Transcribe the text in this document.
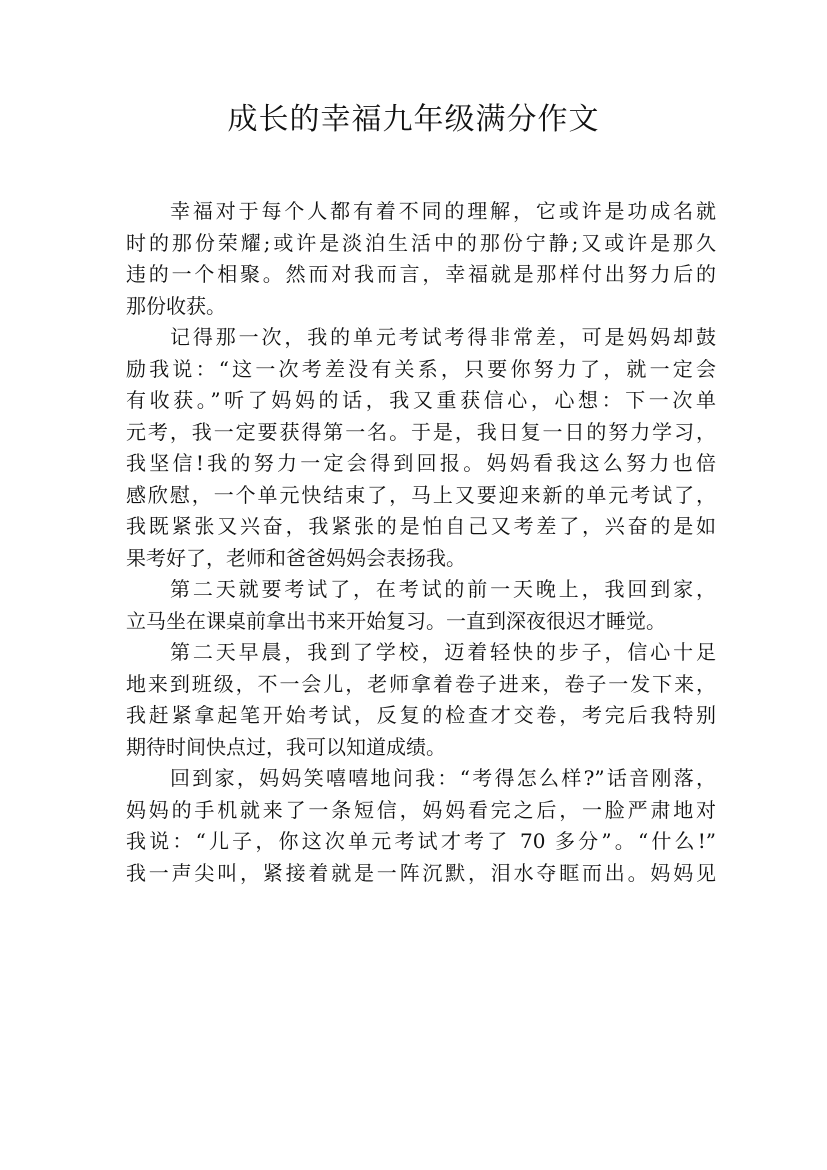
成长的幸福九年级满分作文

幸福对于每个人都有着不同的理解，它或许是功成名就
时的那份荣耀;或许是淡泊生活中的那份宁静;又或许是那久
违的一个相聚。然而对我而言，幸福就是那样付出努力后的
那份收获。

记得那一次，我的单元考试考得非常差，可是妈妈却鼓
励我说：“这一次考差没有关系，只要你努力了，就一定会
有收获。”听了妈妈的话，我又重获信心，心想：下一次单
元考，我一定要获得第一名。于是，我日复一日的努力学习，
我坚信!我的努力一定会得到回报。妈妈看我这么努力也倍
感欣慰，一个单元快结束了，马上又要迎来新的单元考试了，
我既紧张又兴奋，我紧张的是怕自己又考差了，兴奋的是如
果考好了，老师和爸爸妈妈会表扬我。

第二天就要考试了，在考试的前一天晚上，我回到家，
立马坐在课桌前拿出书来开始复习。一直到深夜很迟才睡觉。

第二天早晨，我到了学校，迈着轻快的步子，信心十足
地来到班级，不一会儿，老师拿着卷子进来，卷子一发下来，
我赶紧拿起笔开始考试，反复的检查才交卷，考完后我特别
期待时间快点过，我可以知道成绩。

回到家，妈妈笑嘻嘻地问我：“考得怎么样?”话音刚落，
妈妈的手机就来了一条短信，妈妈看完之后，一脸严肃地对
我说：“儿子，你这次单元考试才考了 70 多分”。“什么!”
我一声尖叫，紧接着就是一阵沉默，泪水夺眶而出。妈妈见
